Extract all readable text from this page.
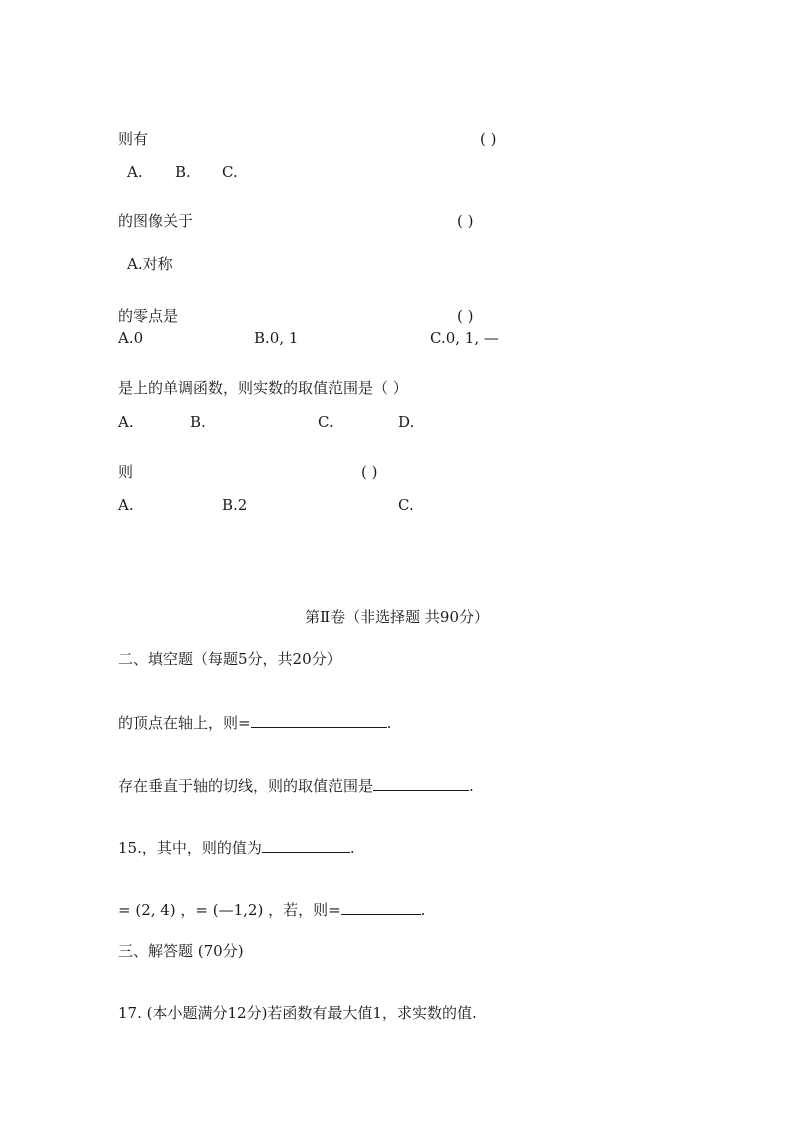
则有	( )
A. B. C.
的图像关于	( )
A.对称
的零点是	( )
A.0	B.0, 1	C.0, 1, —
是上的单调函数，则实数的取值范围是（ ）
A.	B.	C.	D.
则	( )
A.	B.2	C.
第Ⅱ卷（非选择题 共90分）
二、填空题（每题5分，共20分）
的顶点在轴上，则=	.
存在垂直于轴的切线，则的取值范围是	.
15.，其中，则的值为	.
= (2, 4) ，= (—1,2) ，若，则=	.
三、解答题 (70分)
17. (本小题满分12分)若函数有最大值1，求实数的值.
